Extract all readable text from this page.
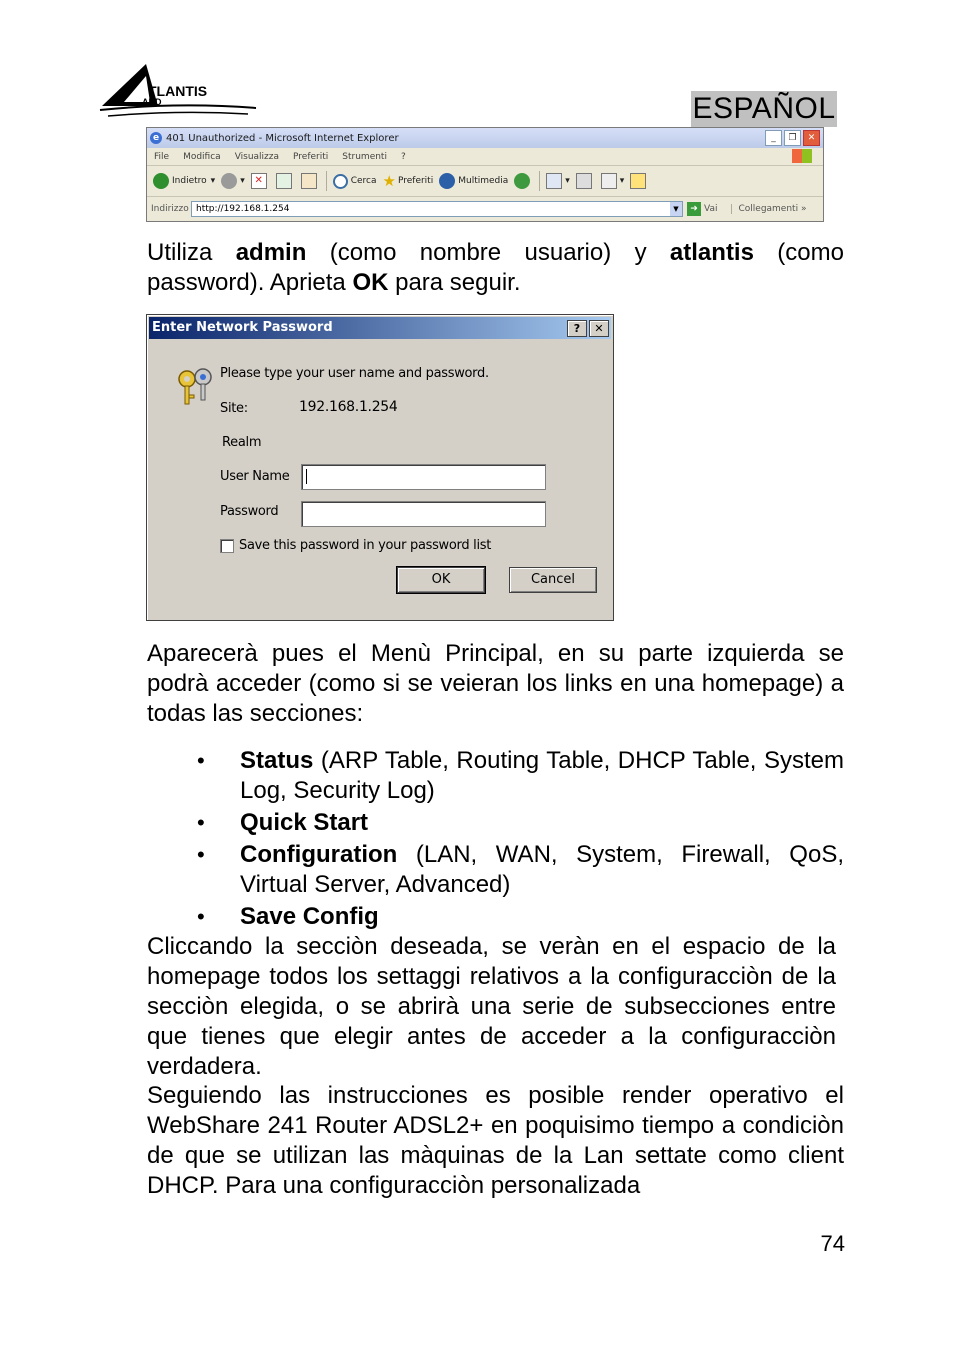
TLANTIS
AND	ESPAÑOL
e 401 Unauthorized - Microsoft Internet Explorer	_	❐	✕
File Modifica Visualizza Preferiti Strumenti ?
Indietro ▾	▾ ✕	Cerca ★ Preferiti	Multimedia	▾	▾
Indirizzo http://192.168.1.254	▼	➜ Vai	Collegamenti »
Utiliza admin (como nombre usuario) y atlantis (como password). Aprieta OK para seguir.
Enter Network Password	?	✕
Please type your user name and password.
Site:	192.168.1.254
Realm
User Name
Password
Save this password in your password list
OK	Cancel
Aparecerà pues el Menù Principal, en su parte izquierda se podrà acceder (como si se veieran los links en una homepage) a todas las secciones:
• Status (ARP Table, Routing Table, DHCP Table, System Log, Security Log)
• Quick Start
• Configuration (LAN, WAN, System, Firewall, QoS, Virtual Server, Advanced)
• Save Config
Cliccando la secciòn deseada, se veràn en el espacio de la homepage todos los settaggi relativos a la configuracciòn de la secciòn elegida, o se abrirà una serie de subsecciones entre que tienes que elegir antes de acceder a la configuracciòn verdadera.
Seguiendo las instrucciones es posible render operativo el WebShare 241 Router ADSL2+ en poquisimo tiempo a condiciòn de que se utilizan las màquinas de la Lan settate como client DHCP. Para una configuracciòn personalizada
74
